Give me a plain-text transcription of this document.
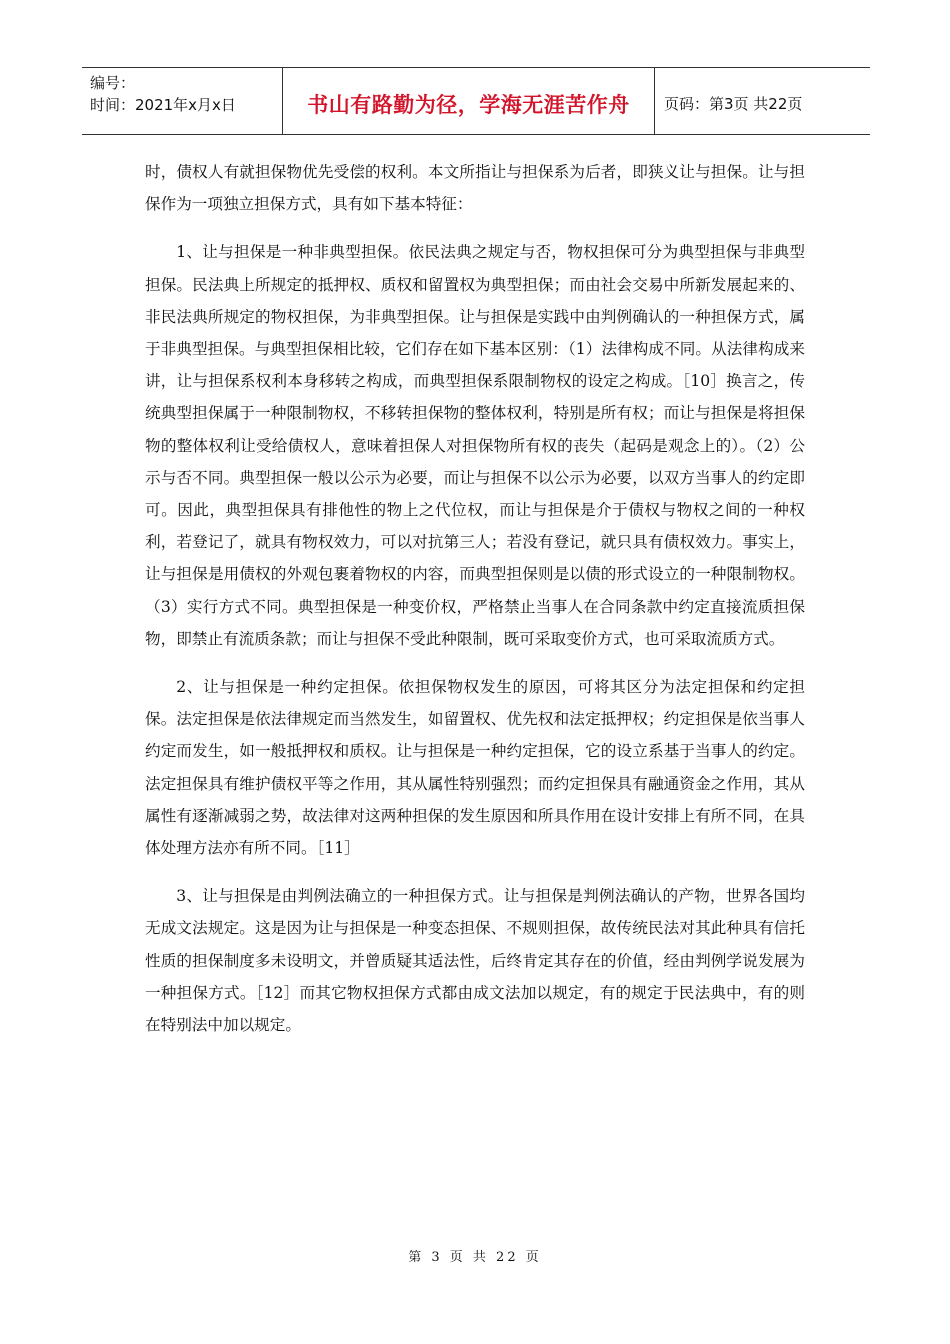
编号：
时间：2021年x月x日	书山有路勤为径，学海无涯苦作舟	页码：第3页 共22页

时，债权人有就担保物优先受偿的权利。本文所指让与担保系为后者，即狭义让与担保。让与担保作为一项独立担保方式，具有如下基本特征：

1、让与担保是一种非典型担保。依民法典之规定与否，物权担保可分为典型担保与非典型担保。民法典上所规定的抵押权、质权和留置权为典型担保；而由社会交易中所新发展起来的、非民法典所规定的物权担保，为非典型担保。让与担保是实践中由判例确认的一种担保方式，属于非典型担保。与典型担保相比较，它们存在如下基本区别：（1）法律构成不同。从法律构成来讲，让与担保系权利本身移转之构成，而典型担保系限制物权的设定之构成。［10］换言之，传统典型担保属于一种限制物权，不移转担保物的整体权利，特别是所有权；而让与担保是将担保物的整体权利让受给债权人，意味着担保人对担保物所有权的丧失（起码是观念上的）。（2）公示与否不同。典型担保一般以公示为必要，而让与担保不以公示为必要，以双方当事人的约定即可。因此，典型担保具有排他性的物上之代位权，而让与担保是介于债权与物权之间的一种权利，若登记了，就具有物权效力，可以对抗第三人；若没有登记，就只具有债权效力。事实上，让与担保是用债权的外观包裹着物权的内容，而典型担保则是以债的形式设立的一种限制物权。（3）实行方式不同。典型担保是一种变价权，严格禁止当事人在合同条款中约定直接流质担保物，即禁止有流质条款；而让与担保不受此种限制，既可采取变价方式，也可采取流质方式。

2、让与担保是一种约定担保。依担保物权发生的原因，可将其区分为法定担保和约定担保。法定担保是依法律规定而当然发生，如留置权、优先权和法定抵押权；约定担保是依当事人约定而发生，如一般抵押权和质权。让与担保是一种约定担保，它的设立系基于当事人的约定。法定担保具有维护债权平等之作用，其从属性特别强烈；而约定担保具有融通资金之作用，其从属性有逐渐减弱之势，故法律对这两种担保的发生原因和所具作用在设计安排上有所不同，在具体处理方法亦有所不同。［11］

3、让与担保是由判例法确立的一种担保方式。让与担保是判例法确认的产物，世界各国均无成文法规定。这是因为让与担保是一种变态担保、不规则担保，故传统民法对其此种具有信托性质的担保制度多未设明文，并曾质疑其适法性，后终肯定其存在的价值，经由判例学说发展为一种担保方式。［12］而其它物权担保方式都由成文法加以规定，有的规定于民法典中，有的则在特别法中加以规定。

第 3 页 共 22 页
